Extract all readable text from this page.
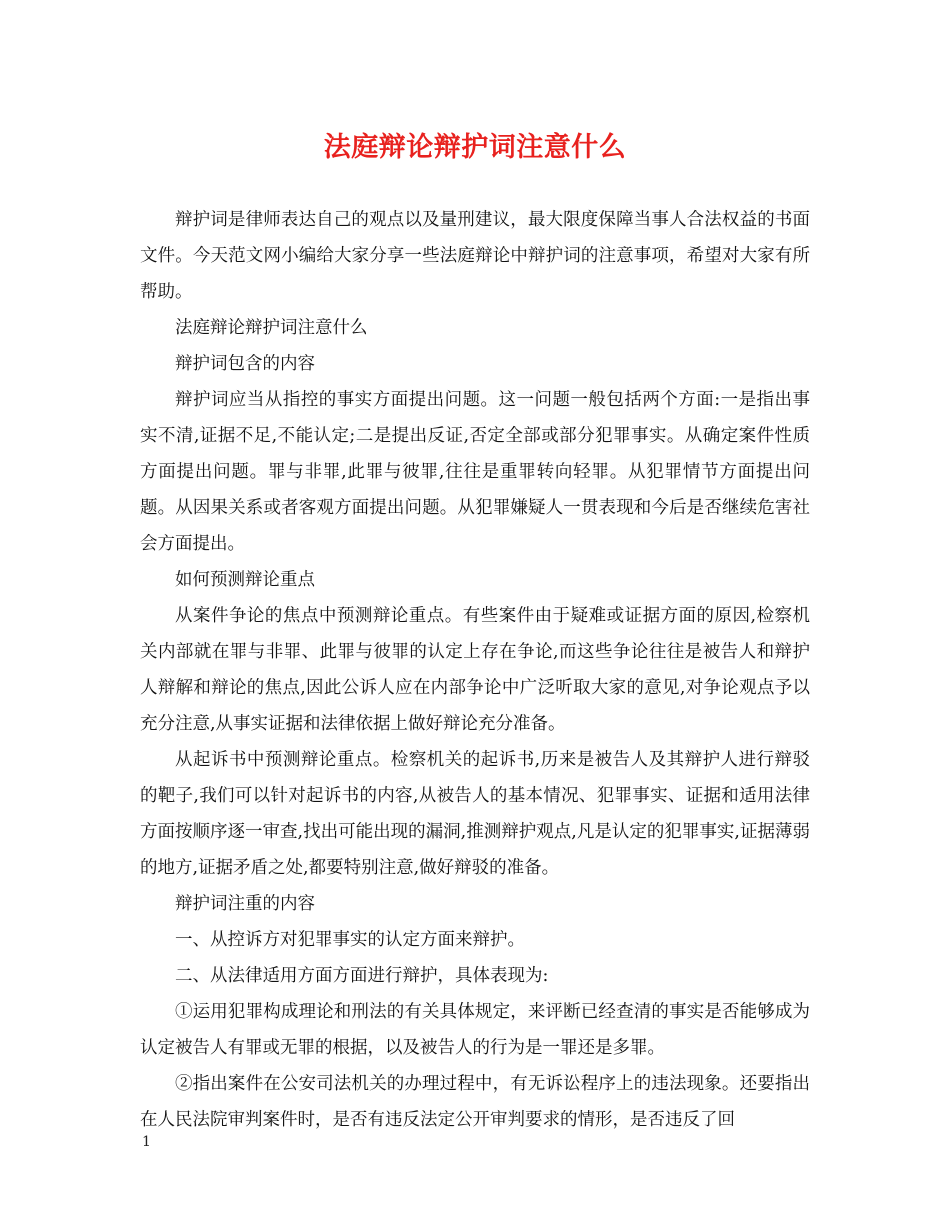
法庭辩论辩护词注意什么

辩护词是律师表达自己的观点以及量刑建议，最大限度保障当事人合法权益的书面文件。今天范文网小编给大家分享一些法庭辩论中辩护词的注意事项，希望对大家有所帮助。

法庭辩论辩护词注意什么

辩护词包含的内容

辩护词应当从指控的事实方面提出问题。这一问题一般包括两个方面:一是指出事实不清,证据不足,不能认定;二是提出反证,否定全部或部分犯罪事实。从确定案件性质方面提出问题。罪与非罪,此罪与彼罪,往往是重罪转向轻罪。从犯罪情节方面提出问题。从因果关系或者客观方面提出问题。从犯罪嫌疑人一贯表现和今后是否继续危害社会方面提出。

如何预测辩论重点

从案件争论的焦点中预测辩论重点。有些案件由于疑难或证据方面的原因,检察机关内部就在罪与非罪、此罪与彼罪的认定上存在争论,而这些争论往往是被告人和辩护人辩解和辩论的焦点,因此公诉人应在内部争论中广泛听取大家的意见,对争论观点予以充分注意,从事实证据和法律依据上做好辩论充分准备。

从起诉书中预测辩论重点。检察机关的起诉书,历来是被告人及其辩护人进行辩驳的靶子,我们可以针对起诉书的内容,从被告人的基本情况、犯罪事实、证据和适用法律方面按顺序逐一审查,找出可能出现的漏洞,推测辩护观点,凡是认定的犯罪事实,证据薄弱的地方,证据矛盾之处,都要特别注意,做好辩驳的准备。

辩护词注重的内容

一、从控诉方对犯罪事实的认定方面来辩护。

二、从法律适用方面方面进行辩护，具体表现为:

①运用犯罪构成理论和刑法的有关具体规定，来评断已经查清的事实是否能够成为认定被告人有罪或无罪的根据，以及被告人的行为是一罪还是多罪。

②指出案件在公安司法机关的办理过程中，有无诉讼程序上的违法现象。还要指出在人民法院审判案件时，是否有违反法定公开审判要求的情形，是否违反了回

1
